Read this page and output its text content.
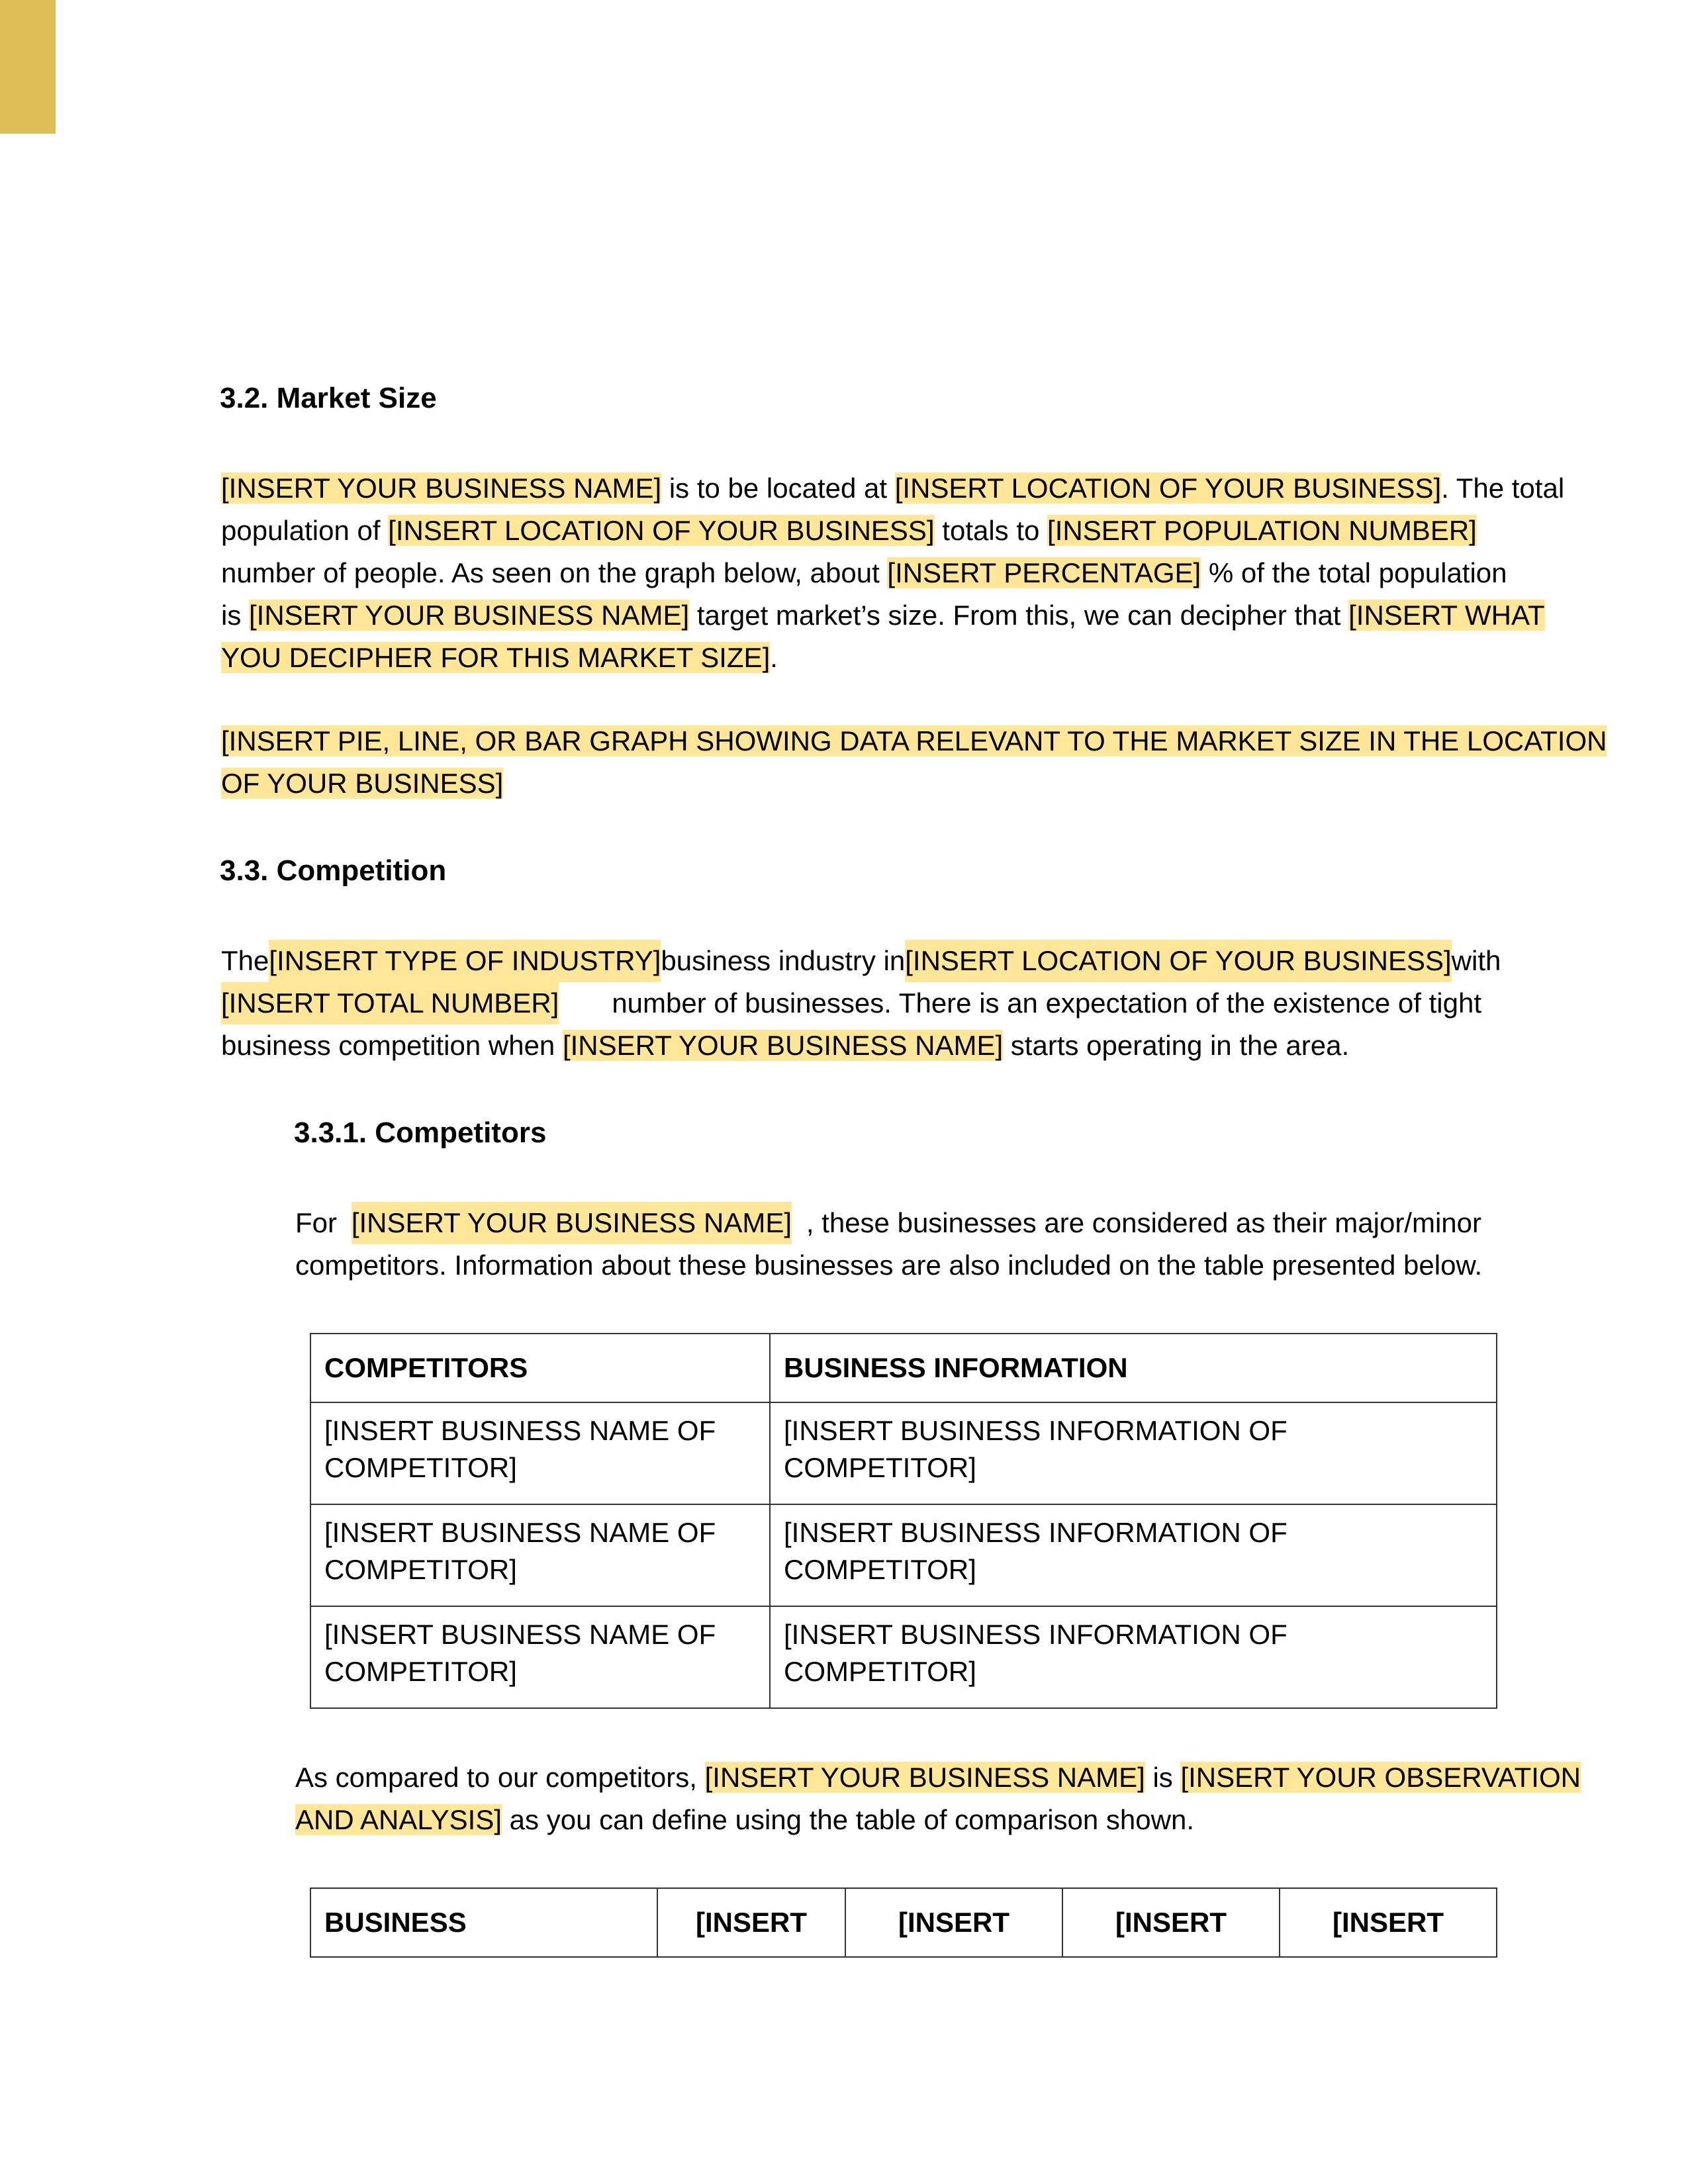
3.2. Market Size
[INSERT YOUR BUSINESS NAME] is to be located at [INSERT LOCATION OF YOUR BUSINESS]. The total
population of [INSERT LOCATION OF YOUR BUSINESS] totals to [INSERT POPULATION NUMBER]
number of people. As seen on the graph below, about [INSERT PERCENTAGE] % of the total population
is [INSERT YOUR BUSINESS NAME] target market’s size. From this, we can decipher that [INSERT WHAT
YOU DECIPHER FOR THIS MARKET SIZE].
[INSERT PIE, LINE, OR BAR GRAPH SHOWING DATA RELEVANT TO THE MARKET SIZE IN THE LOCATION
OF YOUR BUSINESS]
3.3. Competition
The [INSERT TYPE OF INDUSTRY] business industry in [INSERT LOCATION OF YOUR BUSINESS] with
[INSERT TOTAL NUMBER] number of businesses. There is an expectation of the existence of tight
business competition when [INSERT YOUR BUSINESS NAME] starts operating in the area.
3.3.1. Competitors
For [INSERT YOUR BUSINESS NAME] , these businesses are considered as their major/minor
competitors. Information about these businesses are also included on the table presented below.
COMPETITORS	BUSINESS INFORMATION
[INSERT BUSINESS NAME OF COMPETITOR]	[INSERT BUSINESS INFORMATION OF COMPETITOR]
[INSERT BUSINESS NAME OF COMPETITOR]	[INSERT BUSINESS INFORMATION OF COMPETITOR]
[INSERT BUSINESS NAME OF COMPETITOR]	[INSERT BUSINESS INFORMATION OF COMPETITOR]
As compared to our competitors, [INSERT YOUR BUSINESS NAME] is [INSERT YOUR OBSERVATION
AND ANALYSIS] as you can define using the table of comparison shown.
BUSINESS	[INSERT	[INSERT	[INSERT	[INSERT
